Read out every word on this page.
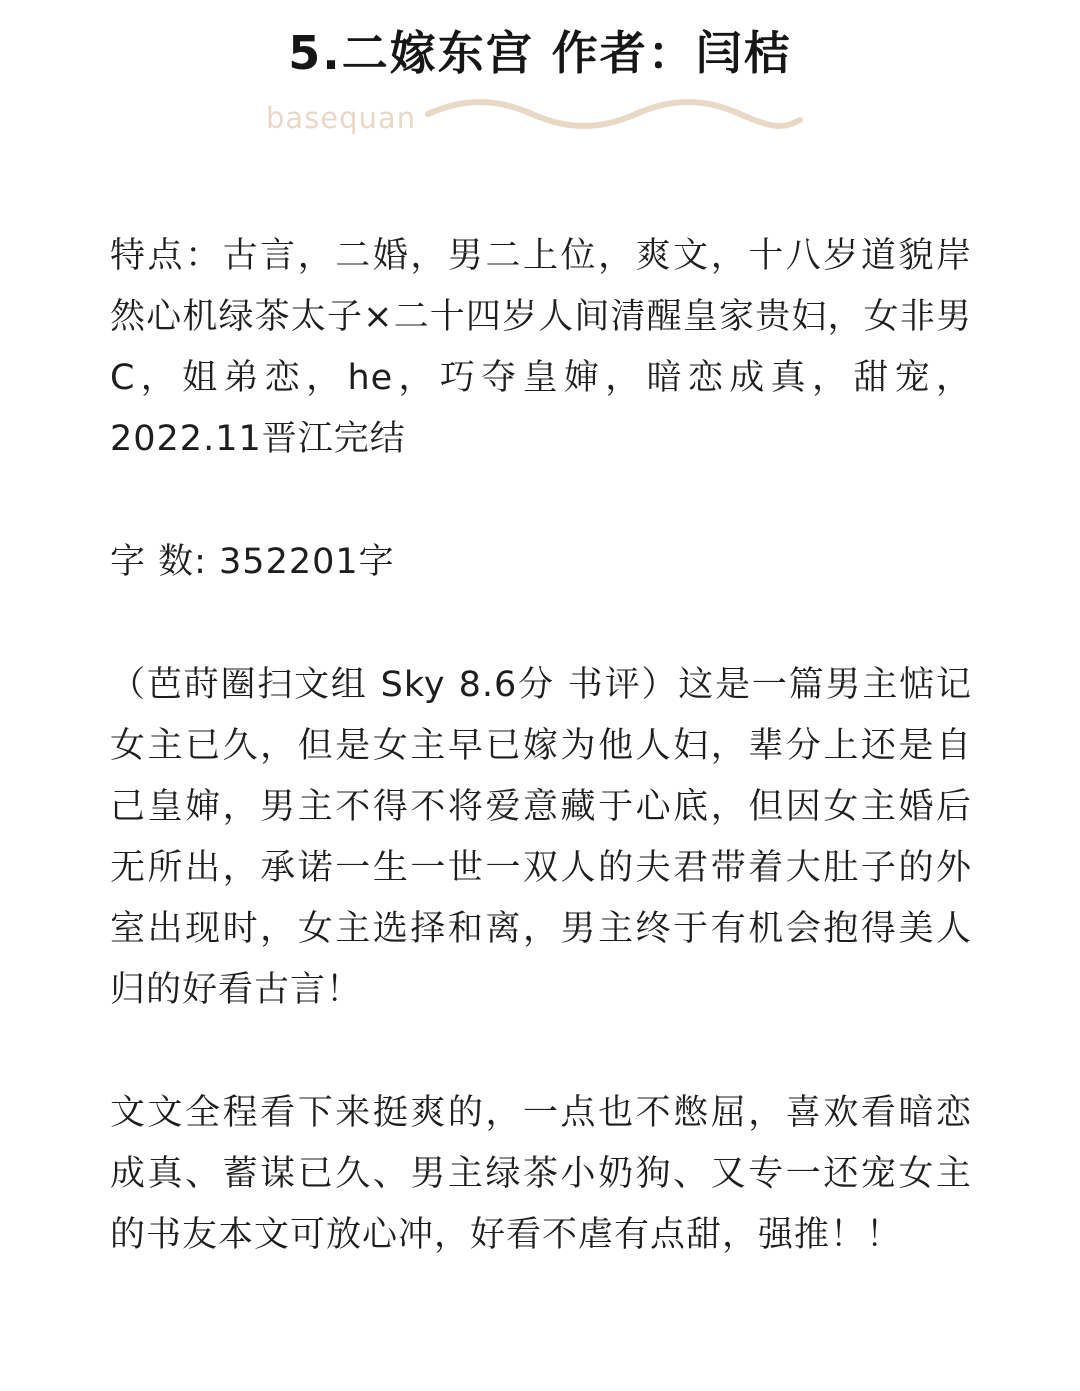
5.二嫁东宫 作者：闫桔
basequan

特点：古言，二婚，男二上位，爽文，十八岁道貌岸然心机绿茶太子×二十四岁人间清醒皇家贵妇，女非男C，姐弟恋，he，巧夺皇婶，暗恋成真，甜宠，2022.11晋江完结

字 数: 352201字

（芭莳圈扫文组 Sky 8.6分 书评）这是一篇男主惦记女主已久，但是女主早已嫁为他人妇，辈分上还是自己皇婶，男主不得不将爱意藏于心底，但因女主婚后无所出，承诺一生一世一双人的夫君带着大肚子的外室出现时，女主选择和离，男主终于有机会抱得美人归的好看古言！

文文全程看下来挺爽的，一点也不憋屈，喜欢看暗恋成真、蓄谋已久、男主绿茶小奶狗、又专一还宠女主的书友本文可放心冲，好看不虐有点甜，强推！！
